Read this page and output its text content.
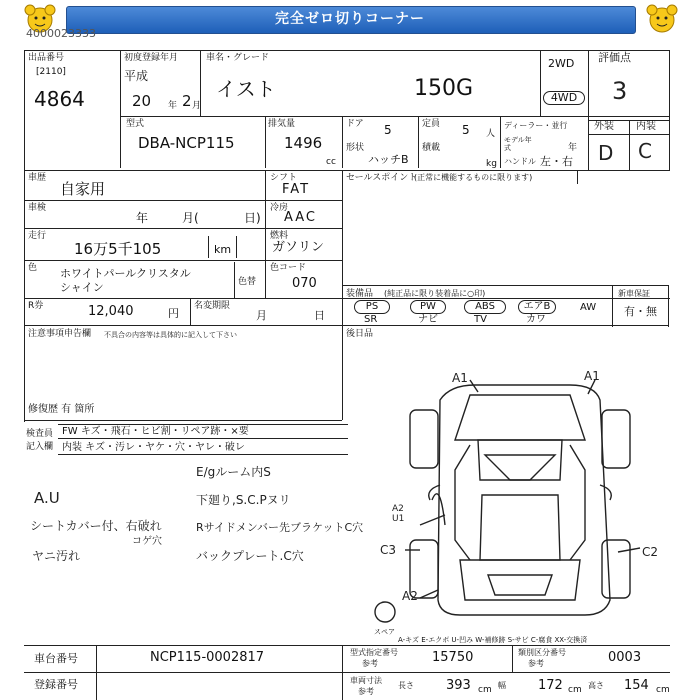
完全ゼロ切りコーナー
4000023333
出品番号
[2110]
4864
初度登録年月
平成
20 年 2 月
車名・グレード
イスト	150G
2WD
4WD
評価点
3
外装 内装
D C
型式
DBA-NCP115
排気量
1496
cc
ドア 5
形状
ハッチB
定員 5 人
積載
kg
ディーラー・並行
モデル年式	年
ハンドル 左・右
車歴
自家用
シフト
FAT
セールスポイント
(正常に機能するものに限ります)
車検
年	月(	日)
冷房
AAC
走行
16万5千105	km
燃料
ガソリン
色 ホワイトパールクリスタル
シャイン	色替
色コード
070
R券	12,040	円
名変期限
月	日
装備品 (純正品に限り装着品に○印)	新車保証
有・無
PS	PW	ABS	エアB	AW
SR	ナビ	TV	カワ
注意事項申告欄 不具合の内容等は具体的に記入して下さい
修復歴 有 箇所
後日品
検査員
記入欄
FW キズ・飛石・ヒビ割・リペア跡・×要
内装 キズ・汚レ・ヤケ・穴・ヤレ・破レ
A.U
シートカバー付、右破れ
コゲ穴
ヤニ汚れ
E/gルーム内S
下廻り,S.C.Pヌリ
Rサイドメンバー先ブラケットC穴
バックプレート.C穴
A1	A1
A2 U1
C3	C2
A2
スペア
A-キズ E-エクボ U-凹み W-補修跡 S-サビ C-腐食 XX-交換済
車台番号	NCP115-0002817
登録番号
型式指定番号
参考	15750	類別区分番号
参考	0003
車両寸法
参考
長さ 393 cm 幅 172 cm 高さ 154 cm
